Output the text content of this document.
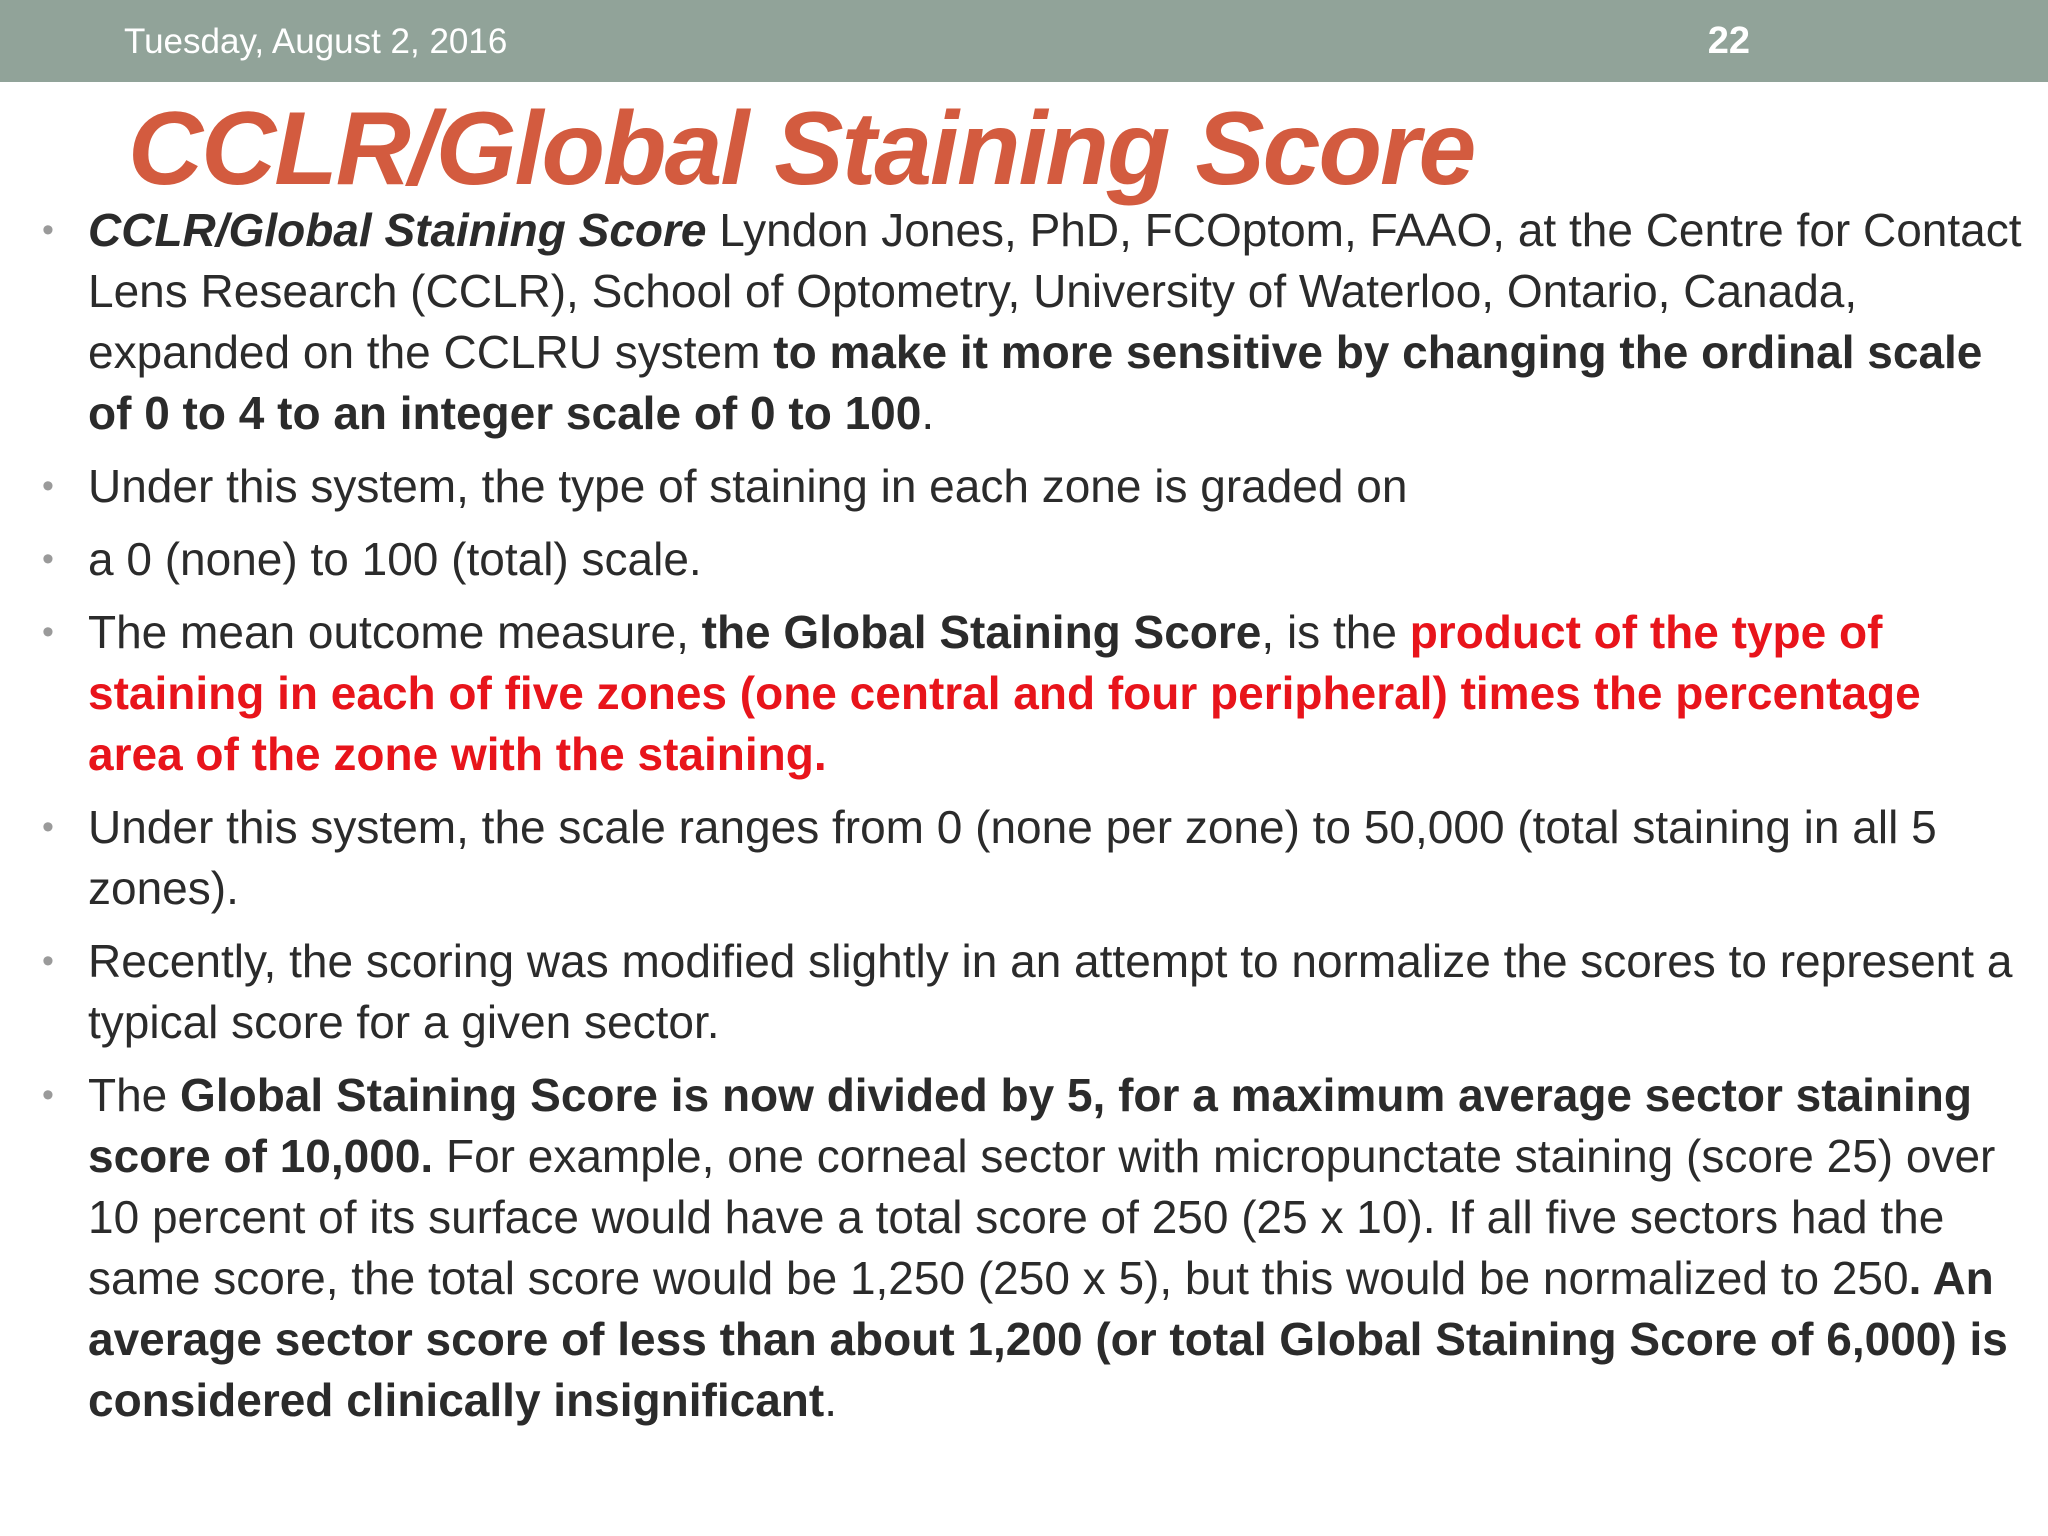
Tuesday, August 2, 2016	22
CCLR/Global Staining Score
• CCLR/Global Staining Score Lyndon Jones, PhD, FCOptom, FAAO, at the Centre for Contact Lens Research (CCLR), School of Optometry, University of Waterloo, Ontario, Canada, expanded on the CCLRU system to make it more sensitive by changing the ordinal scale of 0 to 4 to an integer scale of 0 to 100.
• Under this system, the type of staining in each zone is graded on
• a 0 (none) to 100 (total) scale.
• The mean outcome measure, the Global Staining Score, is the product of the type of staining in each of five zones (one central and four peripheral) times the percentage area of the zone with the staining.
• Under this system, the scale ranges from 0 (none per zone) to 50,000 (total staining in all 5 zones).
• Recently, the scoring was modified slightly in an attempt to normalize the scores to represent a typical score for a given sector.
• The Global Staining Score is now divided by 5, for a maximum average sector staining score of 10,000. For example, one corneal sector with micropunctate staining (score 25) over 10 percent of its surface would have a total score of 250 (25 x 10). If all five sectors had the same score, the total score would be 1,250 (250 x 5), but this would be normalized to 250. An average sector score of less than about 1,200 (or total Global Staining Score of 6,000) is considered clinically insignificant.
